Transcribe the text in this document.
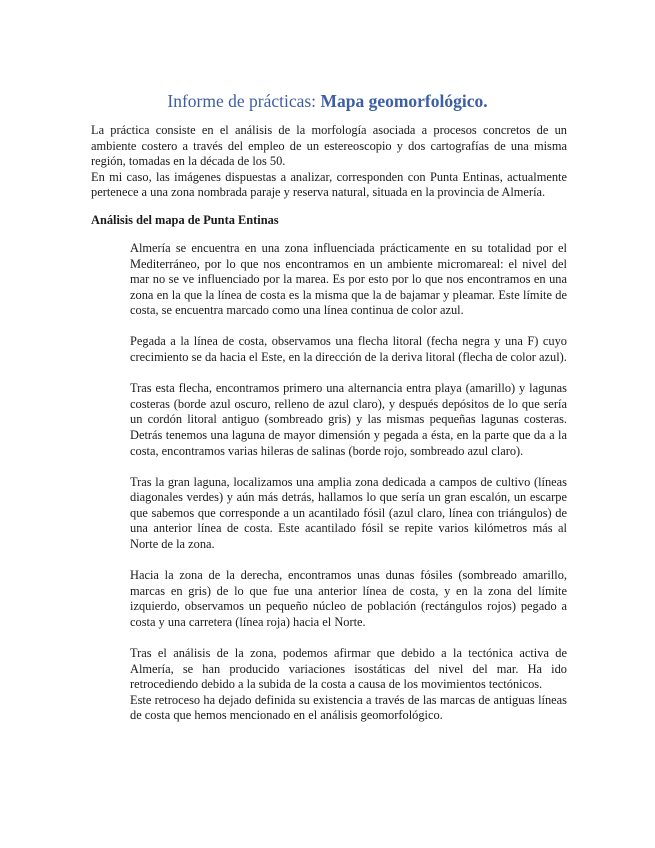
Informe de prácticas: Mapa geomorfológico.

La práctica consiste en el análisis de la morfología asociada a procesos concretos de un ambiente costero a través del empleo de un estereoscopio y dos cartografías de una misma región, tomadas en la década de los 50.

En mi caso, las imágenes dispuestas a analizar, corresponden con Punta Entinas, actualmente pertenece a una zona nombrada paraje y reserva natural, situada en la provincia de Almería.

Análisis del mapa de Punta Entinas

Almería se encuentra en una zona influenciada prácticamente en su totalidad por el Mediterráneo, por lo que nos encontramos en un ambiente micromareal: el nivel del mar no se ve influenciado por la marea. Es por esto por lo que nos encontramos en una zona en la que la línea de costa es la misma que la de bajamar y pleamar. Este límite de costa, se encuentra marcado como una línea continua de color azul.

Pegada a la línea de costa, observamos una flecha litoral (fecha negra y una F) cuyo crecimiento se da hacia el Este, en la dirección de la deriva litoral (flecha de color azul).

Tras esta flecha, encontramos primero una alternancia entra playa (amarillo) y lagunas costeras (borde azul oscuro, relleno de azul claro), y después depósitos de lo que sería un cordón litoral antiguo (sombreado gris) y las mismas pequeñas lagunas costeras. Detrás tenemos una laguna de mayor dimensión y pegada a ésta, en la parte que da a la costa, encontramos varias hileras de salinas (borde rojo, sombreado azul claro).

Tras la gran laguna, localizamos una amplia zona dedicada a campos de cultivo (líneas diagonales verdes) y aún más detrás, hallamos lo que sería un gran escalón, un escarpe que sabemos que corresponde a un acantilado fósil (azul claro, línea con triángulos) de una anterior línea de costa. Este acantilado fósil se repite varios kilómetros más al Norte de la zona.

Hacia la zona de la derecha, encontramos unas dunas fósiles (sombreado amarillo, marcas en gris) de lo que fue una anterior línea de costa, y en la zona del límite izquierdo, observamos un pequeño núcleo de población (rectángulos rojos) pegado a costa y una carretera (línea roja) hacia el Norte.

Tras el análisis de la zona, podemos afirmar que debido a la tectónica activa de Almería, se han producido variaciones isostáticas del nivel del mar. Ha ido retrocediendo debido a la subida de la costa a causa de los movimientos tectónicos.

Este retroceso ha dejado definida su existencia a través de las marcas de antiguas líneas de costa que hemos mencionado en el análisis geomorfológico.
